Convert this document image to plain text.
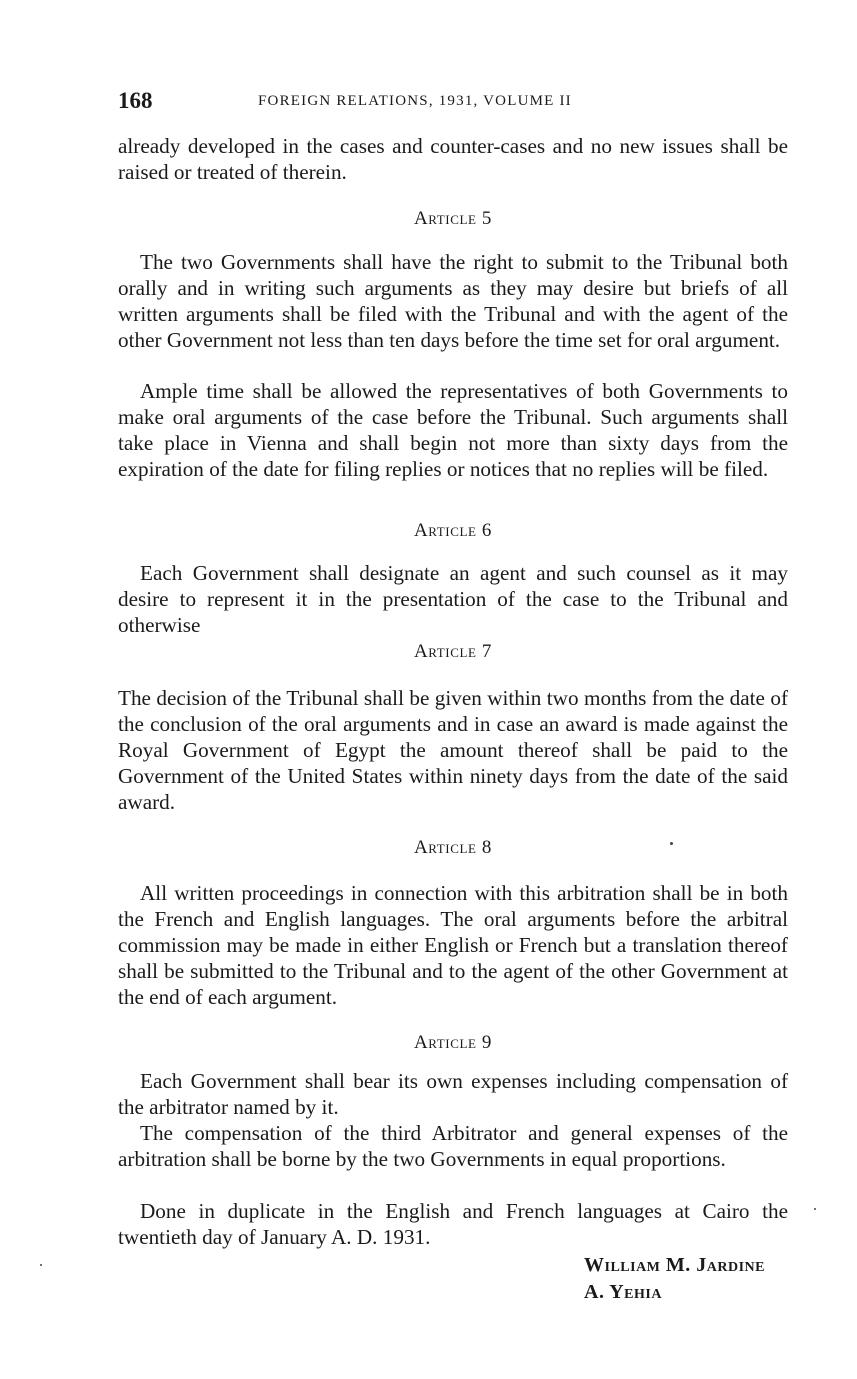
168	FOREIGN RELATIONS, 1931, VOLUME II
already developed in the cases and counter-cases and no new issues shall be raised or treated of therein.
Article 5
The two Governments shall have the right to submit to the Tribunal both orally and in writing such arguments as they may desire but briefs of all written arguments shall be filed with the Tribunal and with the agent of the other Government not less than ten days before the time set for oral argument.
Ample time shall be allowed the representatives of both Governments to make oral arguments of the case before the Tribunal. Such arguments shall take place in Vienna and shall begin not more than sixty days from the expiration of the date for filing replies or notices that no replies will be filed.
Article 6
Each Government shall designate an agent and such counsel as it may desire to represent it in the presentation of the case to the Tribunal and otherwise
Article 7
The decision of the Tribunal shall be given within two months from the date of the conclusion of the oral arguments and in case an award is made against the Royal Government of Egypt the amount thereof shall be paid to the Government of the United States within ninety days from the date of the said award.
Article 8
All written proceedings in connection with this arbitration shall be in both the French and English languages. The oral arguments before the arbitral commission may be made in either English or French but a translation thereof shall be submitted to the Tribunal and to the agent of the other Government at the end of each argument.
Article 9
Each Government shall bear its own expenses including compensation of the arbitrator named by it.
The compensation of the third Arbitrator and general expenses of the arbitration shall be borne by the two Governments in equal proportions.
Done in duplicate in the English and French languages at Cairo the twentieth day of January A. D. 1931.
William M. Jardine
A. Yehia
